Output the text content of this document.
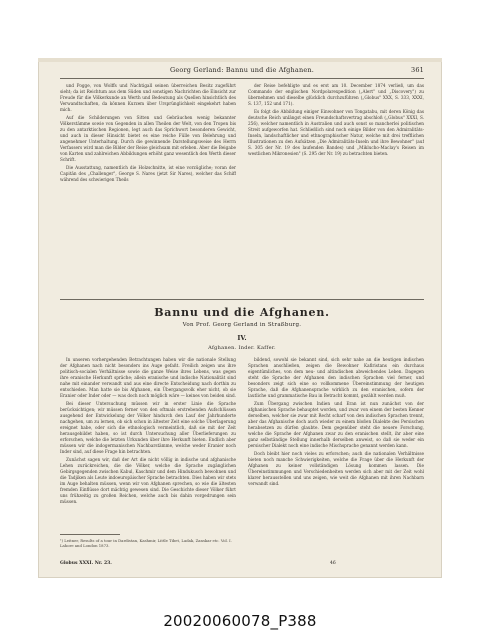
Georg Gerland: Bannu und die Afghanen.	361

und Pogge, von Wolffs und Nachtigall seinen überreichen Besitz zugeführt sieht; da ist Reichtum aus dem Süden und sonstigen Nachrichten die Einsicht zur Freude für die Völkerkunde an Werth und Bedeutung als Quellen hinsichtlich des Verwandtschaften, da können Kurzem über Ursprünglichkeit eingekehrt haben mich.

Auf die Schilderungen von Sitten und Gebräuchen wenig bekannter Völkerstämme sowie von Gegenden in allen Theilen der Welt, von den Tropen bis zu den antarktischen Regionen, legt auch das Sprichwort besonderen Gewicht, und auch in dieser Hinsicht bietet es eine reiche Fülle von Belehrung und angenehmer Unterhaltung. Durch die gewinnende Darstellungsweise des Herrn Verfassers wird man die Bilder der Reise gleichsam mit erleben. Aber die Beigabe von Karten und zahlreichen Abbildungen erhöht ganz wesentlich den Werth dieser Schrift.

Die Ausstattung, namentlich die Holzschnitte, ist eine vorzügliche; voran der Capitän des „Challenger", George S. Nares (jetzt Sir Nares), welcher das Schiff während des schwierigen Theils

der Reise befehligte und es erst am 10. December 1874 verließ, um das Commando der englischen Nordpolarexpedition („Alert" und „Discovery") zu übernehmen und dieselbe glücklich durchzuführen („Globus" XXX, S. 333, XXXI, S. 137, 152 und 171).

Es folgt die Abbildung einiger Einwohner von Tongatabu, mit deren König das deutsche Reich unlängst einen Freundschaftsvertrag abschloß („Globus" XXXI, S. 256), welcher namentlich in Australien und auch sonst so mancherlei politischen Streit aufgeworfen hat. Schließlich sind noch einige Bilder von den Admiralitäts-Inseln, landschaftlicher und ethnographischer Natur, welche mit drei trefflichen Illustrationen zu den Aufsätzen „Die Admiralitäts-Inseln und ihre Bewohner" (auf S. 305 der Nr. 19 des laufenden Bandes) und „Miklucho-Maclay's Reisen im westlichen Mikronesien" (S. 295 der Nr. 19) zu betrachten bieten.

Bannu und die Afghanen.
Von Prof. Georg Gerland in Straßburg.
IV.
Afghanen. Inder. Kaffer.

In unseren vorhergehenden Betrachtungen haben wir die nationale Stellung der Afghanen nach nicht besonders ins Auge gefaßt. Freilich zeigen uns ihre politisch-socialen Verhältnisse sowie die ganze Weise ihres Lebens, was gegen ihre eranische Herkunft spräche; allein eranische und indische Nationalität sind nahe mit einander verwandt und aus eine directe Entscheidung nach dorthin zu entschieden. Man hatte sie bis Afghanen, ein Übergangsvolk eher nicht, ob sie Eranier oder Inder oder — was doch noch möglich wäre — keines von beiden sind.

Bei dieser Untersuchung müssen wir in erster Linie die Sprache berücksichtigen; wir müssen ferner von den oftmals erstrebenden Aufschlüssen ausgehend der Entwickelung der Völker hindurch den Lauf der Jahrhunderte nachgehen, um zu lernen, ob sich schon in ältester Zeit eine solche Überlagerung ereignet habe, oder sich die ethnologisch vermeintlich, daß sie mit der Zeit herausgebildet haben, so ist durch Untersuchung aller Überlieferungen zu erforschen, welche die letzten Urkunden über ihre Herkunft bieten. Endlich aber müssen wir die indogermanischen Nachbarstämme, welche weder Eranier noch Inder sind, auf diese Frage hin betrachten.

Zunächst sagen wir, daß der Art die nicht völlig in indische und afghanische Lehen zurückreichen, die die Völker, welche die Sprache zugänglichen Gebirgsgegenden zwischen Kabul, Kaschmir und dem Hindukusch bewohnen und die Tadjiken als Leute indoeuropäischer Sprache betrachten. Dies haben wir stets im Auge behalten müssen, wenn wir von Afghanen sprechen, so wie die ältesten fremden Einflüsse dort mächtig gewesen sind. Die Geschichte dieser Völker führt uns frühzeitig zu großen Reichen, welche auch bis dahin vorgedrungen sein müssen.

bildend, sowohl sie bekannt sind, sich sehr nahe an die heutigen indischen Sprachen anschließen, zeigen die Bewohner Kafiristans ein durchaus eigentümliches, von dem neu- und altindischen abweichendes Leben. Dagegen steht die Sprache der Afghanen den indischen Sprachen viel ferner, und besonders zeigt sich eine so vollkommene Übereinstimmung der heutigen Sprache, daß die Afghanensprache wirklich zu den eranischen, sofern der lautliche und grammatische Bau in Betracht kommt, gezählt werden muß.

Zum Übergang zwischen Indien und Eran ist nun zunächst von der afghanischen Sprache behauptet worden, und zwar von einem der besten Kenner derselben, welcher sie zwar mit Recht scharf von den indischen Sprachen trennt, aber das Afghanische doch auch wieder zu einem bloßen Dialekte des Persischen herabsetzen zu dürfen glaubte. Dem gegenüber steht die neuere Forschung, welche die Sprache der Afghanen zwar zu den eranischen stellt, ihr aber eine ganz selbständige Stellung innerhalb derselben anweist, so daß sie weder ein persischer Dialekt noch eine indische Mischsprache genannt werden kann.

Doch bleibt hier noch vieles zu erforschen; auch die nationalen Verhältnisse bieten noch manche Schwierigkeiten, welche die Frage über die Herkunft der Afghanen zu keiner vollständigen Lösung kommen lassen. Die Übereinstimmungen und Verschiedenheiten werden sich aber mit der Zeit wohl klarer herausstellen und uns zeigen, wie weit die Afghanen mit ihren Nachbarn verwandt sind.

¹) Leitner, Results of a tour in Dardistan, Kashmir, Little Tibet, Ladak, Zanskar etc. Vol. I. Lahore and London 1873.
Globus XXXI. Nr. 23.	46
20020060078_P388
